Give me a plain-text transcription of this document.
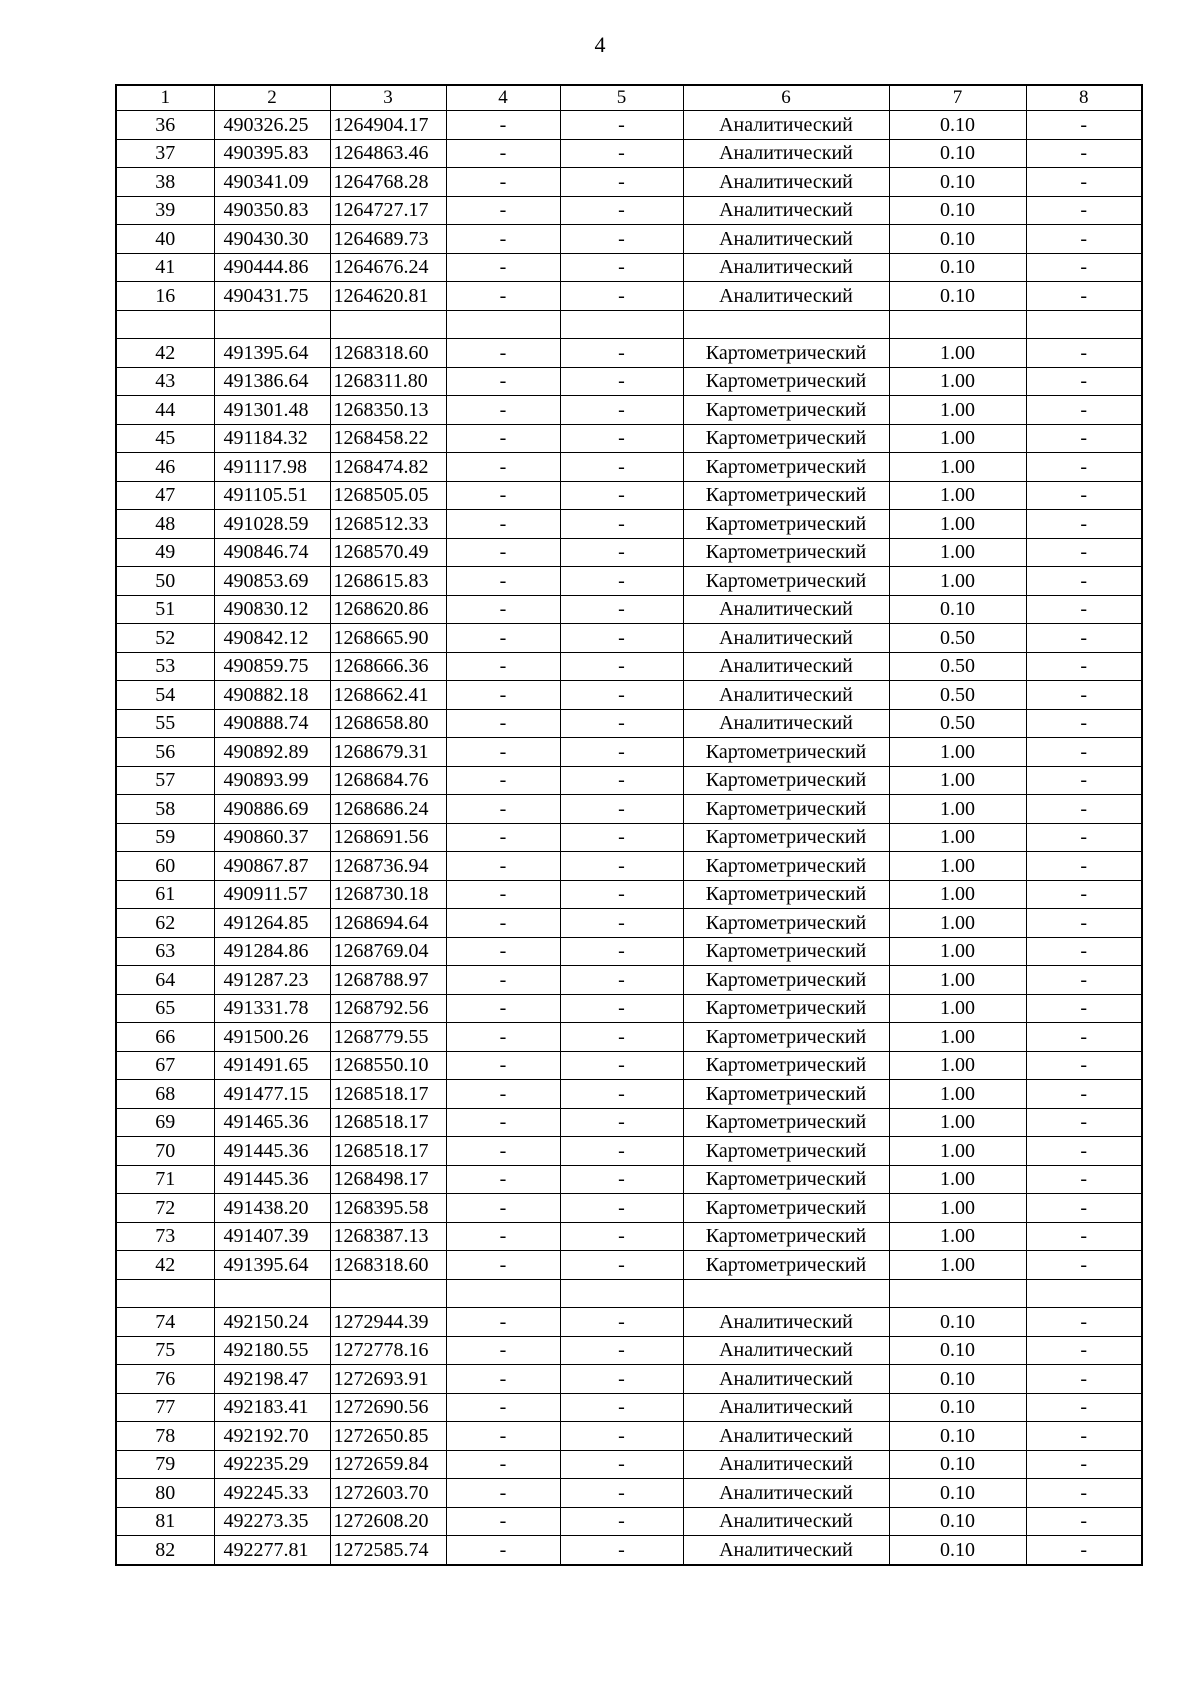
4
1	2	3	4	5	6	7	8
36	490326.25	1264904.17	-	-	Аналитический	0.10	-
37	490395.83	1264863.46	-	-	Аналитический	0.10	-
38	490341.09	1264768.28	-	-	Аналитический	0.10	-
39	490350.83	1264727.17	-	-	Аналитический	0.10	-
40	490430.30	1264689.73	-	-	Аналитический	0.10	-
41	490444.86	1264676.24	-	-	Аналитический	0.10	-
16	490431.75	1264620.81	-	-	Аналитический	0.10	-

42	491395.64	1268318.60	-	-	Картометрический	1.00	-
43	491386.64	1268311.80	-	-	Картометрический	1.00	-
44	491301.48	1268350.13	-	-	Картометрический	1.00	-
45	491184.32	1268458.22	-	-	Картометрический	1.00	-
46	491117.98	1268474.82	-	-	Картометрический	1.00	-
47	491105.51	1268505.05	-	-	Картометрический	1.00	-
48	491028.59	1268512.33	-	-	Картометрический	1.00	-
49	490846.74	1268570.49	-	-	Картометрический	1.00	-
50	490853.69	1268615.83	-	-	Картометрический	1.00	-
51	490830.12	1268620.86	-	-	Аналитический	0.10	-
52	490842.12	1268665.90	-	-	Аналитический	0.50	-
53	490859.75	1268666.36	-	-	Аналитический	0.50	-
54	490882.18	1268662.41	-	-	Аналитический	0.50	-
55	490888.74	1268658.80	-	-	Аналитический	0.50	-
56	490892.89	1268679.31	-	-	Картометрический	1.00	-
57	490893.99	1268684.76	-	-	Картометрический	1.00	-
58	490886.69	1268686.24	-	-	Картометрический	1.00	-
59	490860.37	1268691.56	-	-	Картометрический	1.00	-
60	490867.87	1268736.94	-	-	Картометрический	1.00	-
61	490911.57	1268730.18	-	-	Картометрический	1.00	-
62	491264.85	1268694.64	-	-	Картометрический	1.00	-
63	491284.86	1268769.04	-	-	Картометрический	1.00	-
64	491287.23	1268788.97	-	-	Картометрический	1.00	-
65	491331.78	1268792.56	-	-	Картометрический	1.00	-
66	491500.26	1268779.55	-	-	Картометрический	1.00	-
67	491491.65	1268550.10	-	-	Картометрический	1.00	-
68	491477.15	1268518.17	-	-	Картометрический	1.00	-
69	491465.36	1268518.17	-	-	Картометрический	1.00	-
70	491445.36	1268518.17	-	-	Картометрический	1.00	-
71	491445.36	1268498.17	-	-	Картометрический	1.00	-
72	491438.20	1268395.58	-	-	Картометрический	1.00	-
73	491407.39	1268387.13	-	-	Картометрический	1.00	-
42	491395.64	1268318.60	-	-	Картометрический	1.00	-

74	492150.24	1272944.39	-	-	Аналитический	0.10	-
75	492180.55	1272778.16	-	-	Аналитический	0.10	-
76	492198.47	1272693.91	-	-	Аналитический	0.10	-
77	492183.41	1272690.56	-	-	Аналитический	0.10	-
78	492192.70	1272650.85	-	-	Аналитический	0.10	-
79	492235.29	1272659.84	-	-	Аналитический	0.10	-
80	492245.33	1272603.70	-	-	Аналитический	0.10	-
81	492273.35	1272608.20	-	-	Аналитический	0.10	-
82	492277.81	1272585.74	-	-	Аналитический	0.10	-
